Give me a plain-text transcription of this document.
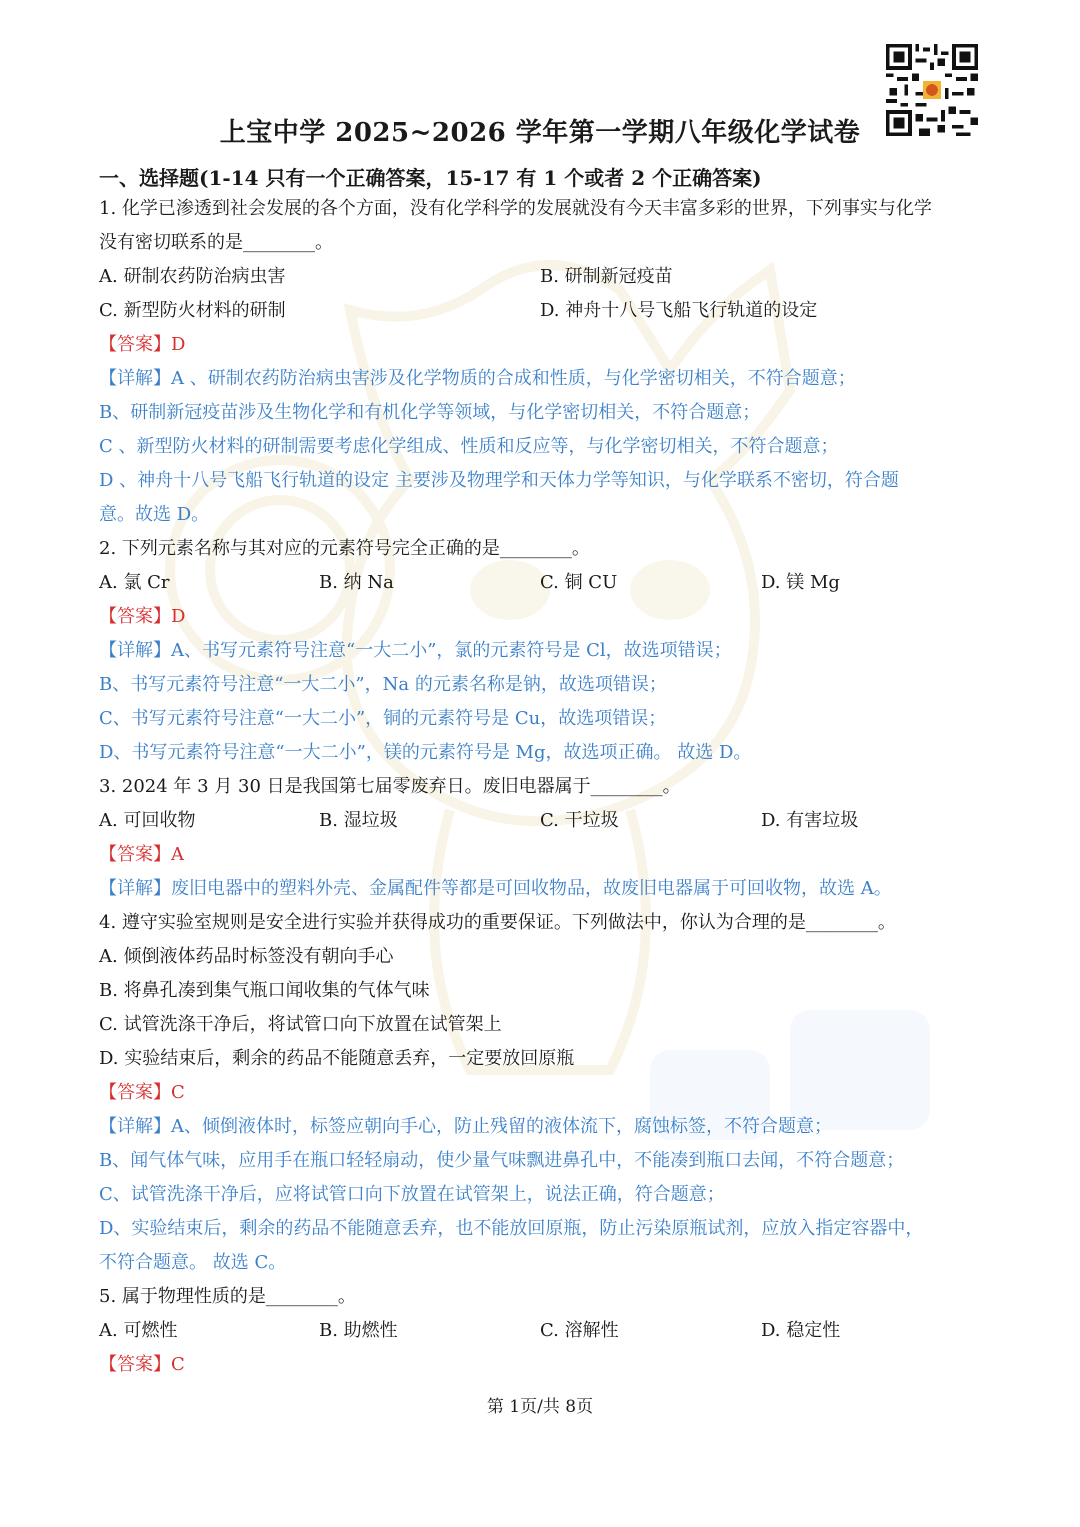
上宝中学 2025~2026 学年第一学期八年级化学试卷
一、选择题(1-14 只有一个正确答案，15-17 有 1 个或者 2 个正确答案)
1. 化学已渗透到社会发展的各个方面，没有化学科学的发展就没有今天丰富多彩的世界，下列事实与化学
没有密切联系的是________。
A. 研制农药防治病虫害	B. 研制新冠疫苗
C. 新型防火材料的研制	D. 神舟十八号飞船飞行轨道的设定
【答案】D
【详解】A 、研制农药防治病虫害涉及化学物质的合成和性质，与化学密切相关，不符合题意；
B、研制新冠疫苗涉及生物化学和有机化学等领域，与化学密切相关，不符合题意；
C 、新型防火材料的研制需要考虑化学组成、性质和反应等，与化学密切相关，不符合题意；
D 、神舟十八号飞船飞行轨道的设定 主要涉及物理学和天体力学等知识，与化学联系不密切，符合题
意。故选 D。
2. 下列元素名称与其对应的元素符号完全正确的是________。
A. 氯 Cr	B. 纳 Na	C. 铜 CU	D. 镁 Mg
【答案】D
【详解】A、书写元素符号注意“一大二小”，氯的元素符号是 Cl，故选项错误；
B、书写元素符号注意“一大二小”，Na 的元素名称是钠，故选项错误；
C、书写元素符号注意“一大二小”，铜的元素符号是 Cu，故选项错误；
D、书写元素符号注意“一大二小”，镁的元素符号是 Mg，故选项正确。 故选 D。
3. 2024 年 3 月 30 日是我国第七届零废弃日。废旧电器属于________。
A. 可回收物	B. 湿垃圾	C. 干垃圾	D. 有害垃圾
【答案】A
【详解】废旧电器中的塑料外壳、金属配件等都是可回收物品，故废旧电器属于可回收物，故选 A。
4. 遵守实验室规则是安全进行实验并获得成功的重要保证。下列做法中，你认为合理的是________。
A. 倾倒液体药品时标签没有朝向手心
B. 将鼻孔凑到集气瓶口闻收集的气体气味
C. 试管洗涤干净后，将试管口向下放置在试管架上
D. 实验结束后，剩余的药品不能随意丢弃，一定要放回原瓶
【答案】C
【详解】A、倾倒液体时，标签应朝向手心，防止残留的液体流下，腐蚀标签，不符合题意；
B、闻气体气味，应用手在瓶口轻轻扇动，使少量气味飘进鼻孔中，不能凑到瓶口去闻，不符合题意；
C、试管洗涤干净后，应将试管口向下放置在试管架上，说法正确，符合题意；
D、实验结束后，剩余的药品不能随意丢弃，也不能放回原瓶，防止污染原瓶试剂，应放入指定容器中，
不符合题意。 故选 C。
5. 属于物理性质的是________。
A. 可燃性	B. 助燃性	C. 溶解性	D. 稳定性
【答案】C
第 1页/共 8页
